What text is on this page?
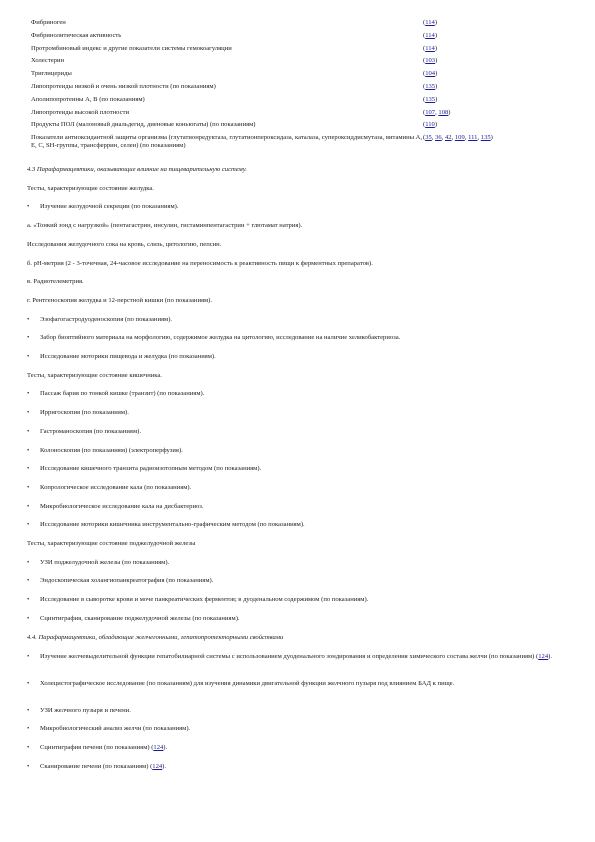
Фибриноген	(114)
Фибринолитическая активность	(114)
Протромбиновый индекс и другие показатели системы гемокоагуляции	(114)
Холестерин	(103)
Триглицериды	(104)
Липопротеиды низкой и очень низкой плотности (по показаниям)	(135)
Аполипопротеины А, В (по показаниям)	(135)
Липопротеиды высокой плотности	(107, 108)
Продукты ПОЛ (малоновый диальдегид, диеновые коньюгаты) (по показаниям)	(110)
Показатели антиоксидантной защиты организма (глутатионредуктаза, глутатионпероксидаза, каталаза, супероксиддисмутаза, витамины А, Е, С, SH-группы, трансферрин, селен) (по показаниям)	(35, 36, 42, 109, 111, 135)
4.3 Парафармацевтики, оказывающие влияние на пищеварительную систему.
Тесты, характеризующие состояние желудка.
•	Изучение желудочной секреции (по показаниям).
а. «Тонкий зонд с нагрузкой» (пентагастрин, инсулин, гистаминпентагастрин + глютамат натрия).
Исследования желудочного сока на кровь, слизь, цитологию, пепсин.
б. рН-метрия (2 - 3-точечная, 24-часовое исследование на переносимость к реактивность пищи к ферментных препаратов).
в. Радиотелеметрия.
г. Рентгеноскопия желудка и 12-перстной кишки (по показаниям).
•	Эзофагогастродуоденоскопия (по показаниям).
•	Забор биоптийного материала на морфологию, содержимое желудка на цитологию, исследование на наличие хеликобактериоза.
•	Исследование моторики пищевода и желудка (по показаниям).
Тесты, характеризующие состояние кишечника.
•	Пассаж бария по тонкой кишке (транзит) (по показаниям).
•	Ирригоскопия (по показаниям).
•	Гастроманоскопия (по показаниям).
•	Колоноскопия (по показаниям) (электроперфузия).
•	Исследование кишечного транзита радиоизотопным методом (по показаниям).
•	Копрологическое исследование кала (по показаниям).
•	Микробиологическое исследование кала на дисбактериоз.
•	Исследование моторики кишечника инструментально-графическим методом (по показаниям).
Тесты, характеризующие состояние поджелудочной железы
•	УЗИ поджелудочной железы (по показаниям).
•	Эндоскопическая холангиопанкреатография (по показаниям).
•	Исследование в сыворотке крови и моче панкреатических ферментов; в дуоденальном содержимом (по показаниям).
•	Сцинтиграфия, сканирование поджелудочной железы (по показаниям).
4.4. Парафармацевтики, обладающие желчегонными, гепатопротекторными свойствами
•	Изучение желчевыделительной функции гепатобилиарной системы с использованием дуоденального зондирования и определения химического состава желчи (по показаниям) (124).
•	Холецистографическое исследование (по показаниям) для изучения динамики двигательной функции желчного пузыря под влиянием БАД к пище.
•	УЗИ желчного пузыря и печени.
•	Микробиологический анализ желчи (по показаниям).
•	Сцинтиграфия печени (по показаниям) (124).
•	Сканирование печени (по показаниям) (124).
